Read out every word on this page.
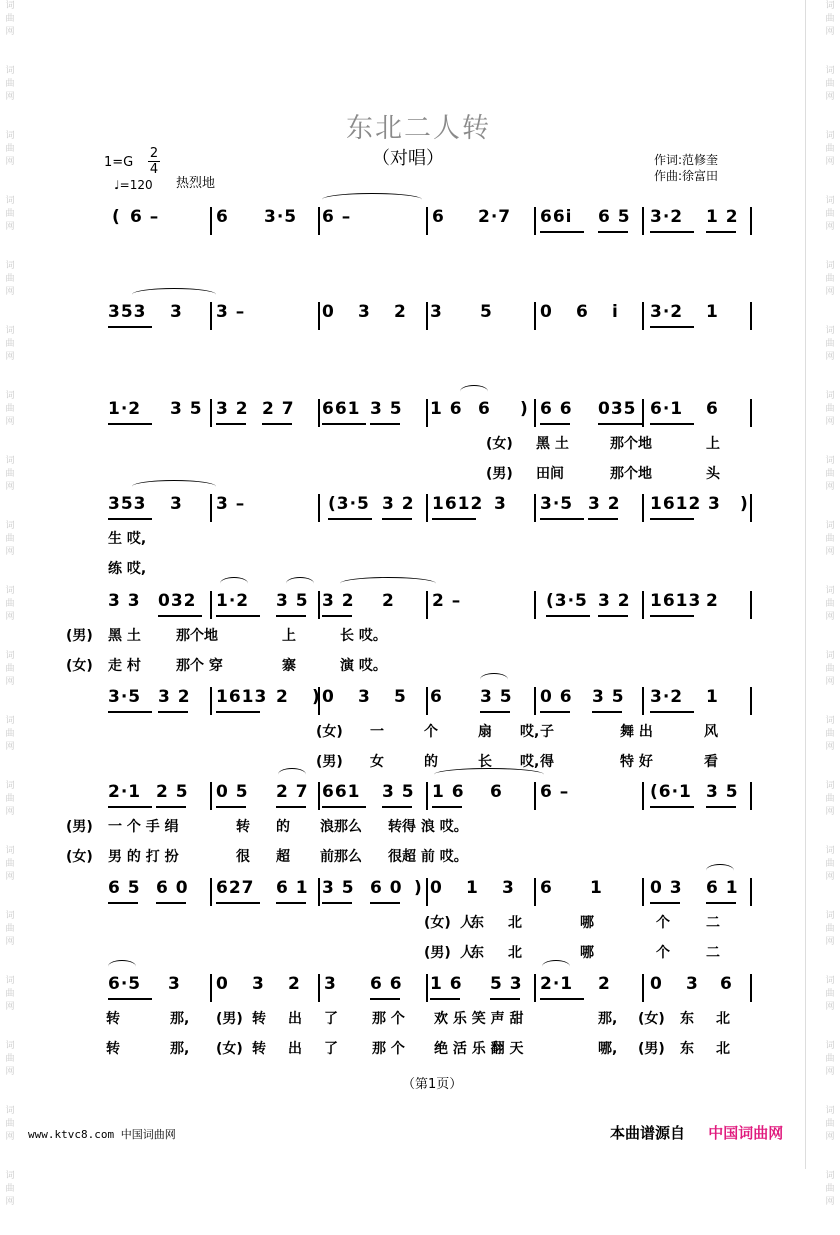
词
曲
网
词
曲
网
词
曲
网
词
曲
网
词
曲
网
词
曲
网
词
曲
网
词
曲
网
词
曲
网
词
曲
网
词
曲
网
词
曲
网
词
曲
网
词
曲
网
词
曲
网
词
曲
网
词
曲
网
词
曲
网
词
曲
网
词
曲
网
词
曲
网
词
曲
网
词
曲
网
词
曲
网
词
曲
网
词
曲
网
词
曲
网
词
曲
网
词
曲
网
词
曲
网
词
曲
网
词
曲
网
词
曲
网
词
曲
网
词
曲
网
词
曲
网
词
曲
网
词
曲
网
东北二人转
（对唱）
1=G
2
4
♩=120 热烈地
作词:范修奎
作曲:徐富田
( 6 –	6 3·5 6 –	6 2·7 66i 6 5 3·2 1 2
353 3 3 –	0 3 2 3 5	0 6 i 3·2 1
1·2 3 5 3 2 2 7 661 3 5 1 6 6 ) 6 6 035 6·1 6
(女) 黑 土	那个地	上
(男) 田间	那个地	头
353 3 3 –	(3·5 3 2 1612 3 3·5 3 2 1612 3 )
生 哎,
练 哎,
3 3 032 1·2 3 5 3 2 2 2 –	(3·5 3 2 1613 2
(男) 黑 土	那个地	上	长 哎。
(女) 走 村	那个 穿	寨	演 哎。
3·5 3 2 1613 2 ) 0 3 5 6 3 5 0 6 3 5 3·2 1
(女) 一	个	扇	子	舞 出	风
哎,
(男) 女	的	长	得	特 好	看
哎,
2·1 2 5 0 5 2 7 661 3 5 1 6 6 6 –	(6·1 3 5
(男) 一 个 手 绢	转 的 浪那么 转得 浪 哎。
(女) 男 的 打 扮	很 超 前那么 很超 前 哎。
6 5 6 0 627 6 1 3 5 6 0 ) 0 1 3 6 1	0 3 6 1
(女) 东 北	哪	个	二
人
(男) 东 北	哪	个	二
人
6·5 3 0 3 2 3 6 6 1 6 5 3 2·1 2 0 3 6
转	那, (男) 转 出 了 那 个 欢 乐 笑 声 甜	那, (女) 东 北
转	那, (女) 转 出 了 那 个 绝 活 乐 翻 天	哪, (男) 东 北
（第1页）
www.ktvc8.com 中国词曲网	本曲谱源自 中国词曲网
